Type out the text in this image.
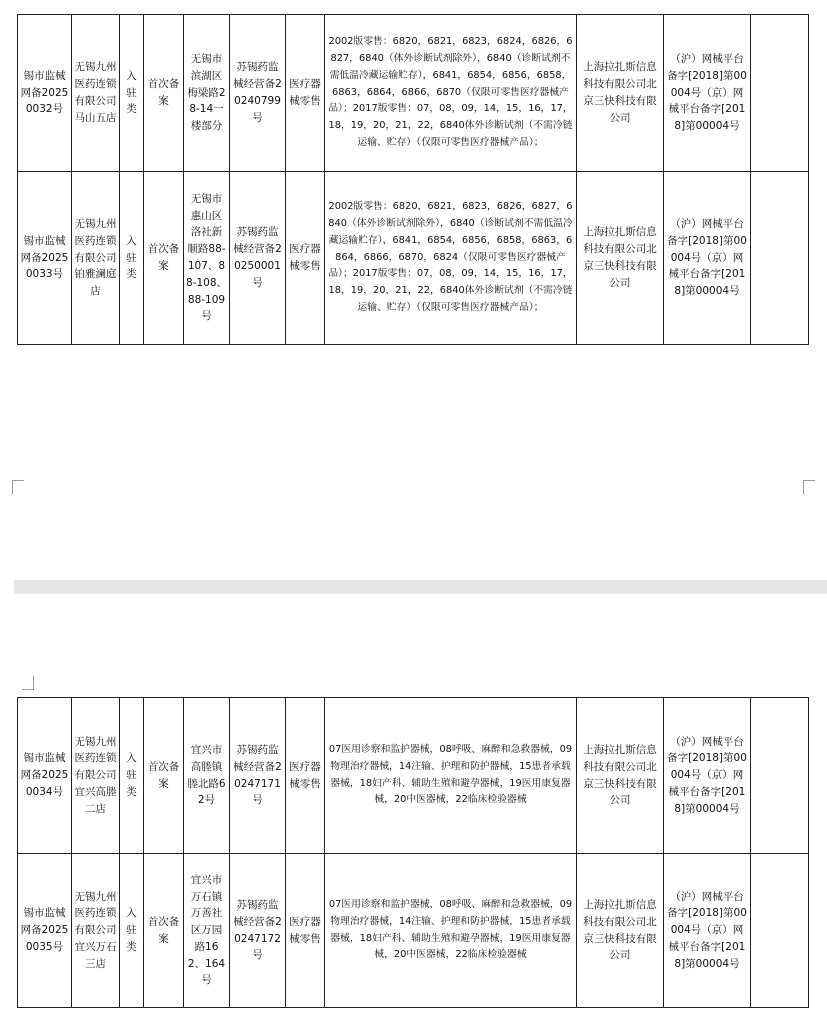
锡市监械网备20250032号	无锡九州医药连锁有限公司马山五店	入驻类	首次备案	无锡市滨湖区梅梁路28-14一楼部分	苏锡药监械经营备20240799号	医疗器械零售	2002版零售：6820，6821，6823，6824，6826，6827，6840（体外诊断试剂除外），6840（诊断试剂不需低温冷藏运输贮存），6841，6854，6856，6858，6863，6864，6866，6870（仅限可零售医疗器械产品）；2017版零售：07，08，09，14，15，16，17，18，19，20，21，22，6840体外诊断试剂（不需冷链运输、贮存）（仅限可零售医疗器械产品）；	上海拉扎斯信息科技有限公司北京三快科技有限公司	（沪）网械平台备字[2018]第00004号（京）网械平台备字[2018]第00004号	
锡市监械网备20250033号	无锡九州医药连锁有限公司铂雅澜庭店	入驻类	首次备案	无锡市惠山区洛社新顺路88-107、88-108、88-109号	苏锡药监械经营备20250001号	医疗器械零售	2002版零售：6820，6821，6823，6826，6827，6840（体外诊断试剂除外），6840（诊断试剂不需低温冷藏运输贮存），6841，6854，6856，6858，6863，6864，6866，6870，6824（仅限可零售医疗器械产品）；2017版零售：07，08，09，14，15，16，17，18，19，20，21，22，6840体外诊断试剂（不需冷链运输、贮存）（仅限可零售医疗器械产品）；	上海拉扎斯信息科技有限公司北京三快科技有限公司	（沪）网械平台备字[2018]第00004号（京）网械平台备字[2018]第00004号	
锡市监械网备20250034号	无锡九州医药连锁有限公司宜兴高塍二店	入驻类	首次备案	宜兴市高塍镇塍北路62号	苏锡药监械经营备20247171号	医疗器械零售	07医用诊察和监护器械，08呼吸、麻醉和急救器械，09物理治疗器械，14注输、护理和防护器械，15患者承载器械，18妇产科、辅助生殖和避孕器械，19医用康复器械，20中医器械，22临床检验器械	上海拉扎斯信息科技有限公司北京三快科技有限公司	（沪）网械平台备字[2018]第00004号（京）网械平台备字[2018]第00004号	
锡市监械网备20250035号	无锡九州医药连锁有限公司宜兴万石三店	入驻类	首次备案	宜兴市万石镇万善社区万园路162、164号	苏锡药监械经营备20247172号	医疗器械零售	07医用诊察和监护器械，08呼吸、麻醉和急救器械，09物理治疗器械，14注输、护理和防护器械，15患者承载器械，18妇产科、辅助生殖和避孕器械，19医用康复器械，20中医器械，22临床检验器械	上海拉扎斯信息科技有限公司北京三快科技有限公司	（沪）网械平台备字[2018]第00004号（京）网械平台备字[2018]第00004号	
